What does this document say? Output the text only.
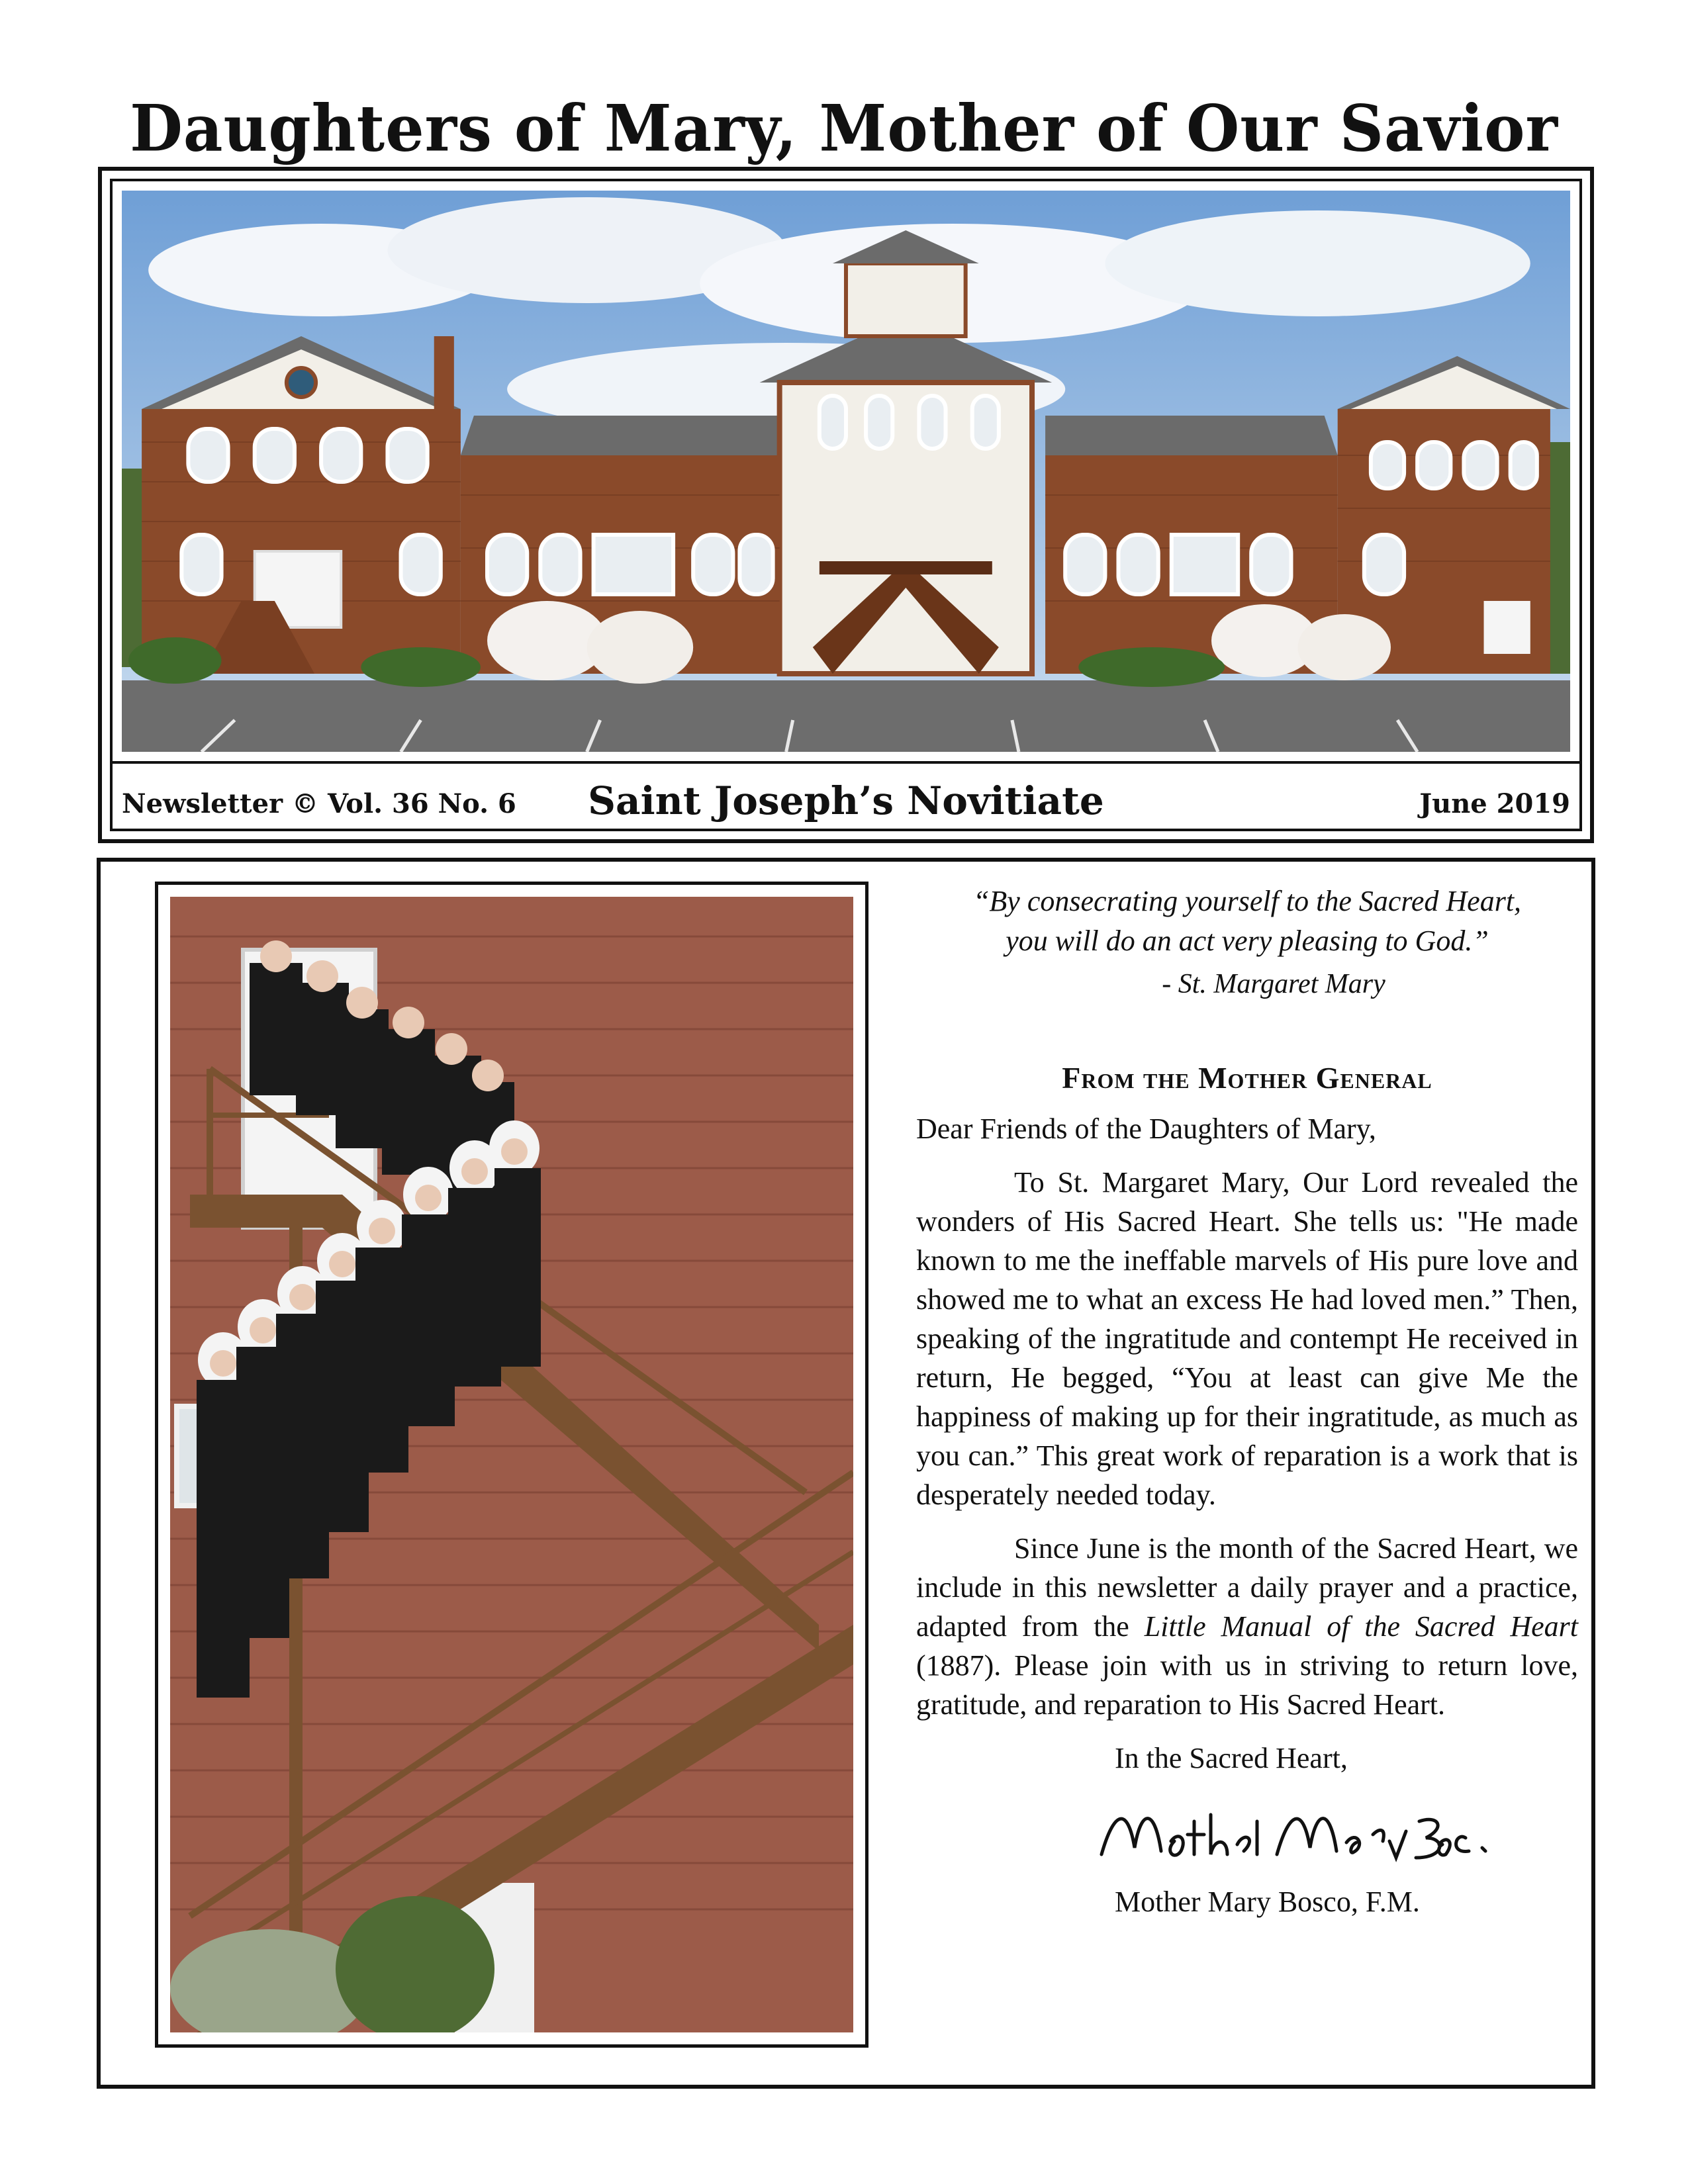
Daughters of Mary, Mother of Our Savior
Newsletter © Vol. 36 No. 6	Saint Joseph’s Novitiate	June 2019

“By consecrating yourself to the Sacred Heart,

you will do an act very pleasing to God.”

- St. Margaret Mary
From the Mother General
Dear Friends of the Daughters of Mary,
To St. Margaret Mary, Our Lord revealed the wonders of His Sacred Heart. She tells us: "He made known to me the ineffable marvels of His pure love and showed me to what an excess He had loved men.” Then, speaking of the ingratitude and contempt He received in return, He begged, “You at least can give Me the happiness of making up for their ingratitude, as much as you can.” This great work of reparation is a work that is desperately needed today.
Since June is the month of the Sacred Heart, we include in this newsletter a daily prayer and a practice, adapted from the Little Manual of the Sacred Heart (1887). Please join with us in striving to return love, gratitude, and reparation to His Sacred Heart.
In the Sacred Heart,
Mother Mary Bosco, F.M.
